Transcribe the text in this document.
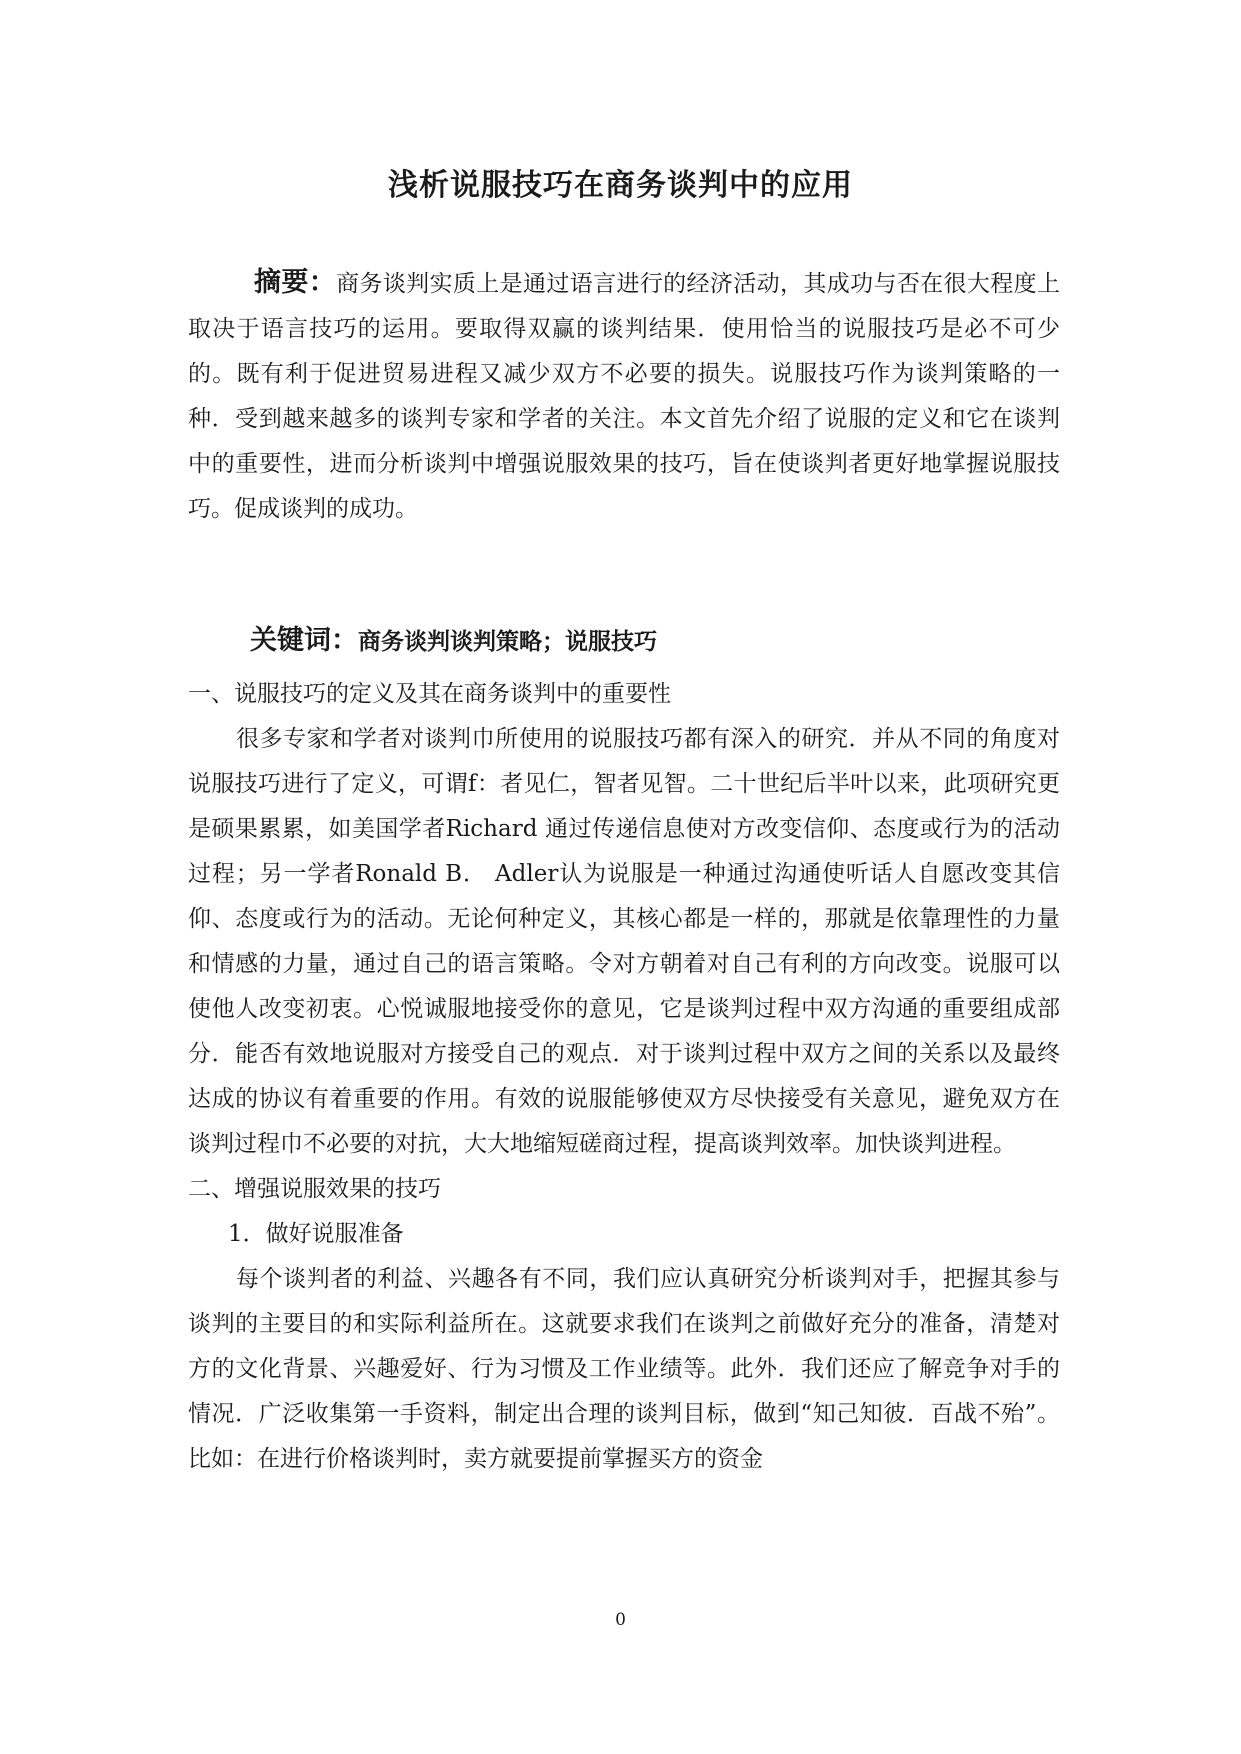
浅析说服技巧在商务谈判中的应用
摘要：商务谈判实质上是通过语言进行的经济活动，其成功与否在很大程度上取决于语言技巧的运用。要取得双赢的谈判结果．使用恰当的说服技巧是必不可少的。既有利于促进贸易进程又减少双方不必要的损失。说服技巧作为谈判策略的一种．受到越来越多的谈判专家和学者的关注。本文首先介绍了说服的定义和它在谈判中的重要性，进而分析谈判中增强说服效果的技巧，旨在使谈判者更好地掌握说服技巧。促成谈判的成功。
关键词：商务谈判谈判策略；说服技巧
一、说服技巧的定义及其在商务谈判中的重要性
很多专家和学者对谈判巾所使用的说服技巧都有深入的研究．并从不同的角度对说服技巧进行了定义，可谓f：者见仁，智者见智。二十世纪后半叶以来，此项研究更是硕果累累，如美国学者Richard 通过传递信息使对方改变信仰、态度或行为的活动过程；另一学者Ronald B． Adler认为说服是一种通过沟通使听话人自愿改变其信仰、态度或行为的活动。无论何种定义，其核心都是一样的，那就是依靠理性的力量和情感的力量，通过自己的语言策略。令对方朝着对自己有利的方向改变。说服可以使他人改变初衷。心悦诚服地接受你的意见，它是谈判过程中双方沟通的重要组成部分．能否有效地说服对方接受自己的观点．对于谈判过程中双方之间的关系以及最终达成的协议有着重要的作用。有效的说服能够使双方尽快接受有关意见，避免双方在谈判过程巾不必要的对抗，大大地缩短磋商过程，提高谈判效率。加快谈判进程。
二、增强说服效果的技巧
1．做好说服准备
每个谈判者的利益、兴趣各有不同，我们应认真研究分析谈判对手，把握其参与谈判的主要目的和实际利益所在。这就要求我们在谈判之前做好充分的准备，清楚对方的文化背景、兴趣爱好、行为习惯及工作业绩等。此外．我们还应了解竞争对手的情况．广泛收集第一手资料，制定出合理的谈判目标，做到“知己知彼．百战不殆”。比如：在进行价格谈判时，卖方就要提前掌握买方的资金
0
